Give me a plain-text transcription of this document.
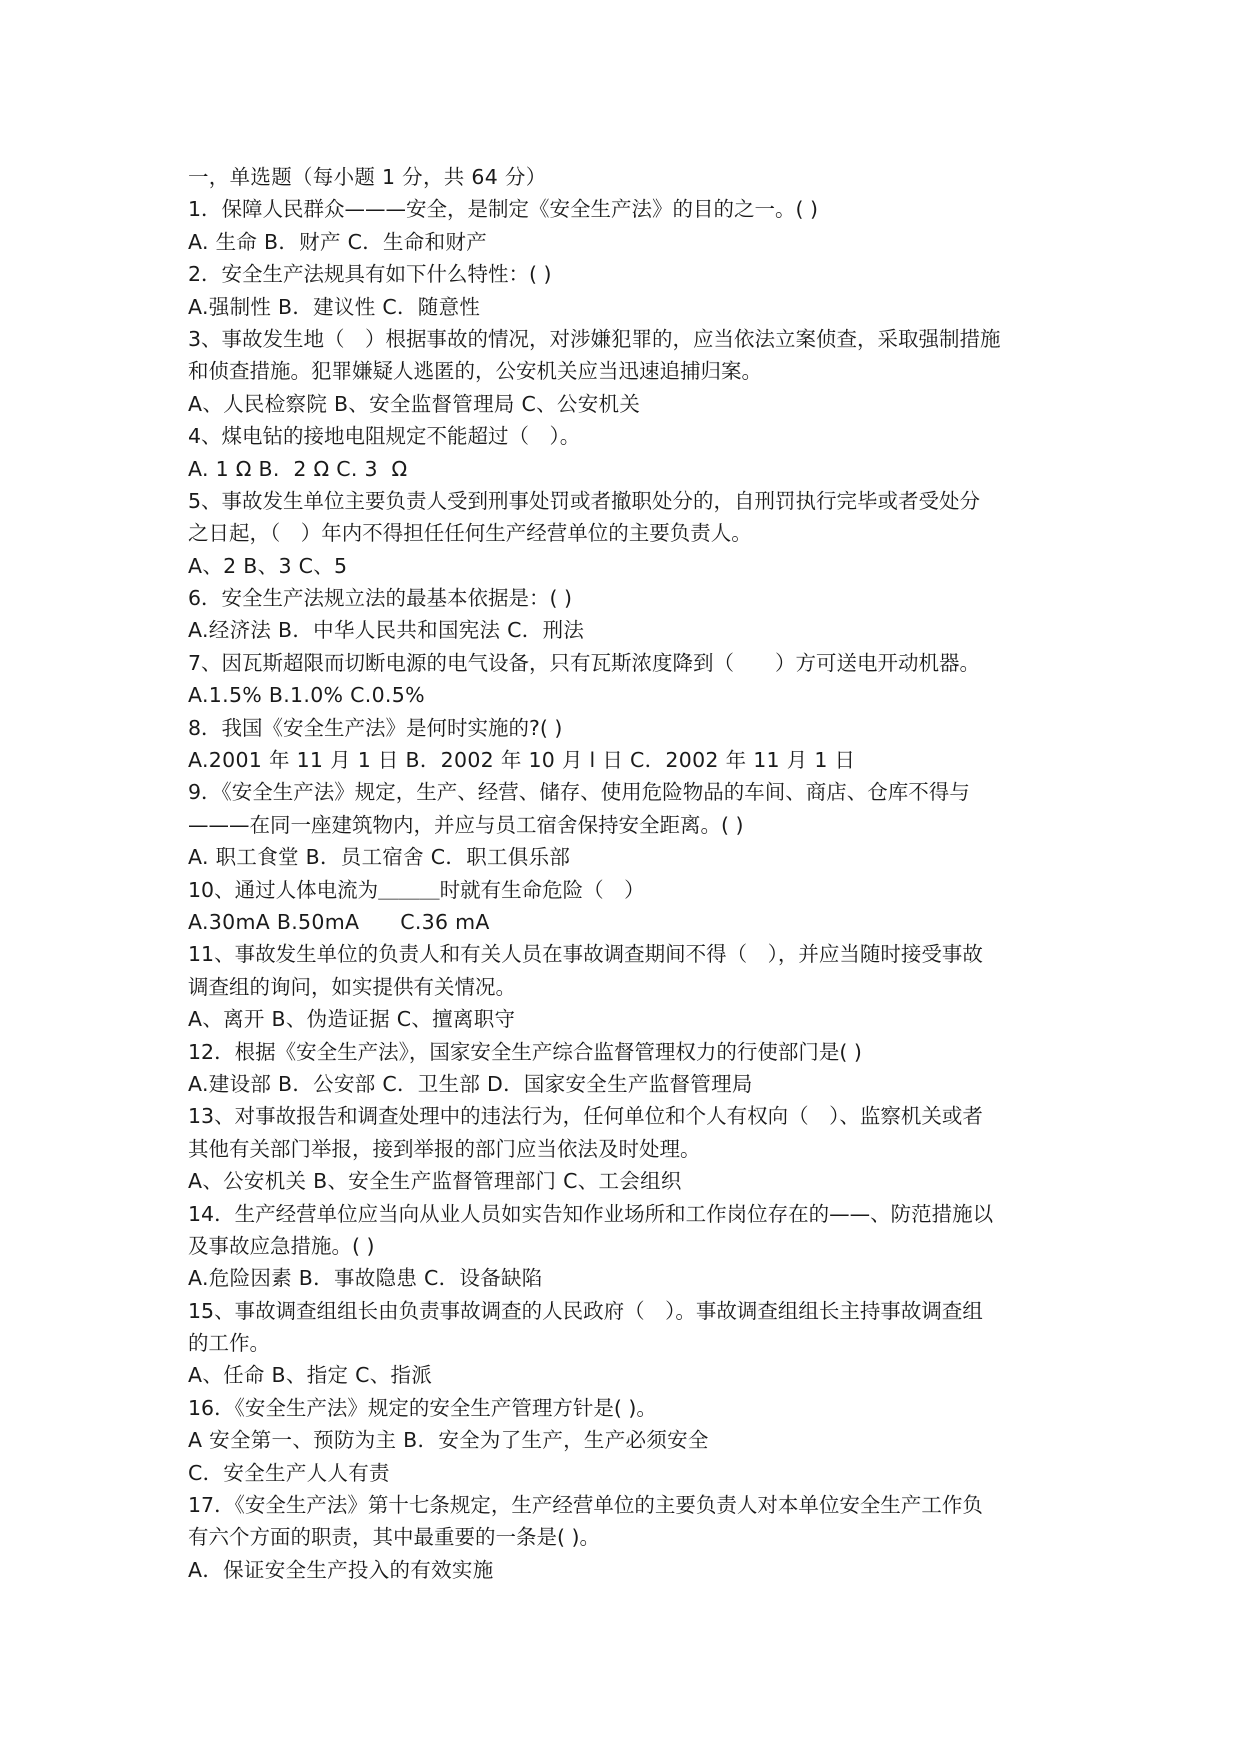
一，单选题（每小题 1 分，共 64 分）
1．保障人民群众———安全，是制定《安全生产法》的目的之一。( )
A. 生命 B．财产 C．生命和财产
2．安全生产法规具有如下什么特性：( )
A.强制性 B．建议性 C．随意性
3、事故发生地（　）根据事故的情况，对涉嫌犯罪的，应当依法立案侦查，采取强制措施
和侦查措施。犯罪嫌疑人逃匿的，公安机关应当迅速追捕归案。
A、人民检察院 B、安全监督管理局 C、公安机关
4、煤电钻的接地电阻规定不能超过（　）。
A. 1 Ω B.  2 Ω C. 3  Ω
5、事故发生单位主要负责人受到刑事处罚或者撤职处分的，自刑罚执行完毕或者受处分
之日起，（　）年内不得担任任何生产经营单位的主要负责人。
A、2 B、3 C、5
6．安全生产法规立法的最基本依据是：( )
A.经济法 B．中华人民共和国宪法 C．刑法
7、因瓦斯超限而切断电源的电气设备，只有瓦斯浓度降到（　　）方可送电开动机器。
A.1.5% B.1.0% C.0.5%
8．我国《安全生产法》是何时实施的?( )
A.2001 年 11 月 1 日 B．2002 年 10 月 l 日 C．2002 年 11 月 1 日
9．《安全生产法》规定，生产、经营、储存、使用危险物品的车间、商店、仓库不得与
———在同一座建筑物内，并应与员工宿舍保持安全距离。( )
A. 职工食堂 B．员工宿舍 C．职工俱乐部
10、通过人体电流为＿＿＿时就有生命危险（　）
A.30mA B.50mA      C.36 mA
11、事故发生单位的负责人和有关人员在事故调查期间不得（　），并应当随时接受事故
调查组的询问，如实提供有关情况。
A、离开 B、伪造证据 C、擅离职守
12．根据《安全生产法》，国家安全生产综合监督管理权力的行使部门是( )
A.建设部 B．公安部 C．卫生部 D．国家安全生产监督管理局
13、对事故报告和调查处理中的违法行为，任何单位和个人有权向（　）、监察机关或者
其他有关部门举报，接到举报的部门应当依法及时处理。
A、公安机关 B、安全生产监督管理部门 C、工会组织
14．生产经营单位应当向从业人员如实告知作业场所和工作岗位存在的——、防范措施以
及事故应急措施。( )
A.危险因素 B．事故隐患 C．设备缺陷
15、事故调查组组长由负责事故调查的人民政府（　）。事故调查组组长主持事故调查组
的工作。
A、任命 B、指定 C、指派
16．《安全生产法》规定的安全生产管理方针是( )。
A 安全第一、预防为主 B．安全为了生产，生产必须安全
C．安全生产人人有责
17．《安全生产法》第十七条规定，生产经营单位的主要负责人对本单位安全生产工作负
有六个方面的职责，其中最重要的一条是( )。
A．保证安全生产投入的有效实施
